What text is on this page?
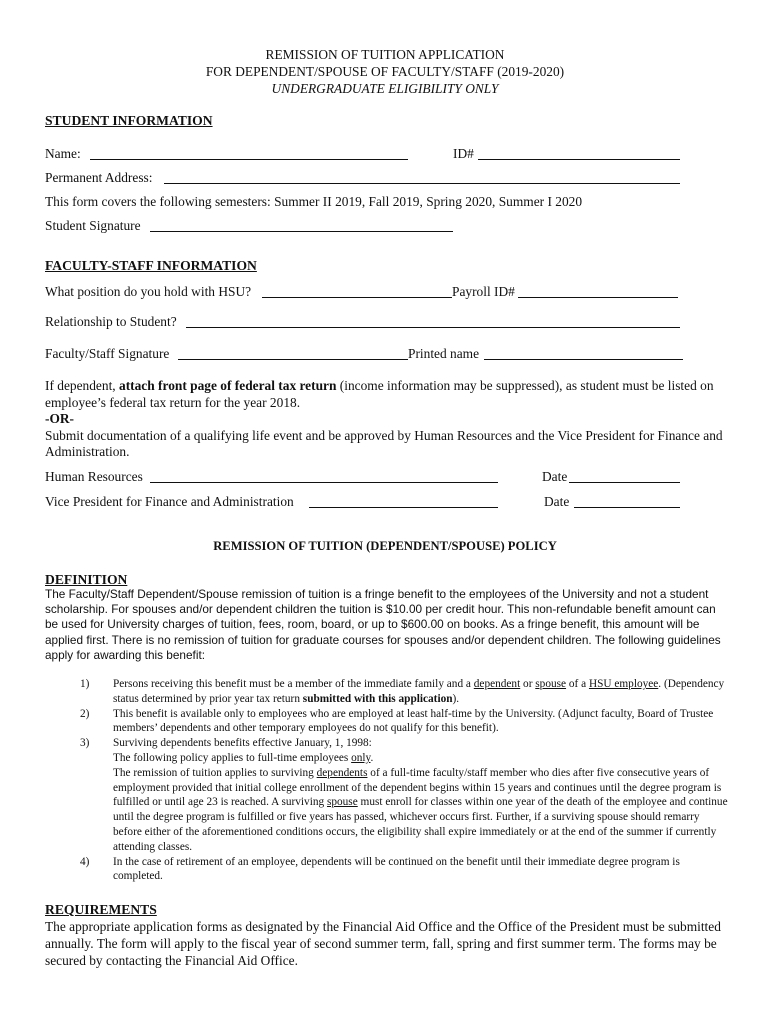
REMISSION OF TUITION APPLICATION
FOR DEPENDENT/SPOUSE OF FACULTY/STAFF (2019-2020)
UNDERGRADUATE ELIGIBILITY ONLY
STUDENT INFORMATION
Name:	ID#
Permanent Address:
This form covers the following semesters: Summer II 2019, Fall 2019, Spring 2020, Summer I 2020
Student Signature
FACULTY-STAFF INFORMATION
What position do you hold with HSU?	Payroll ID#
Relationship to Student?
Faculty/Staff Signature	Printed name
If dependent, attach front page of federal tax return (income information may be suppressed), as student must be listed on employee’s federal tax return for the year 2018.
-OR-
Submit documentation of a qualifying life event and be approved by Human Resources and the Vice President for Finance and Administration.
Human Resources	Date
Vice President for Finance and Administration	Date
REMISSION OF TUITION (DEPENDENT/SPOUSE) POLICY
DEFINITION
The Faculty/Staff Dependent/Spouse remission of tuition is a fringe benefit to the employees of the University and not a student scholarship. For spouses and/or dependent children the tuition is $10.00 per credit hour. This non-refundable benefit amount can be used for University charges of tuition, fees, room, board, or up to $600.00 on books. As a fringe benefit, this amount will be applied first. There is no remission of tuition for graduate courses for spouses and/or dependent children. The following guidelines apply for awarding this benefit:
1) Persons receiving this benefit must be a member of the immediate family and a dependent or spouse of a HSU employee. (Dependency status determined by prior year tax return submitted with this application).
2) This benefit is available only to employees who are employed at least half-time by the University. (Adjunct faculty, Board of Trustee members’ dependents and other temporary employees do not qualify for this benefit).
3) Surviving dependents benefits effective January, 1, 1998:
The following policy applies to full-time employees only.
The remission of tuition applies to surviving dependents of a full-time faculty/staff member who dies after five consecutive years of employment provided that initial college enrollment of the dependent begins within 15 years and continues until the degree program is fulfilled or until age 23 is reached. A surviving spouse must enroll for classes within one year of the death of the employee and continue until the degree program is fulfilled or five years has passed, whichever occurs first. Further, if a surviving spouse should remarry before either of the aforementioned conditions occurs, the eligibility shall expire immediately or at the end of the summer if currently attending classes.
4) In the case of retirement of an employee, dependents will be continued on the benefit until their immediate degree program is completed.
REQUIREMENTS
The appropriate application forms as designated by the Financial Aid Office and the Office of the President must be submitted annually. The form will apply to the fiscal year of second summer term, fall, spring and first summer term. The forms may be secured by contacting the Financial Aid Office.
